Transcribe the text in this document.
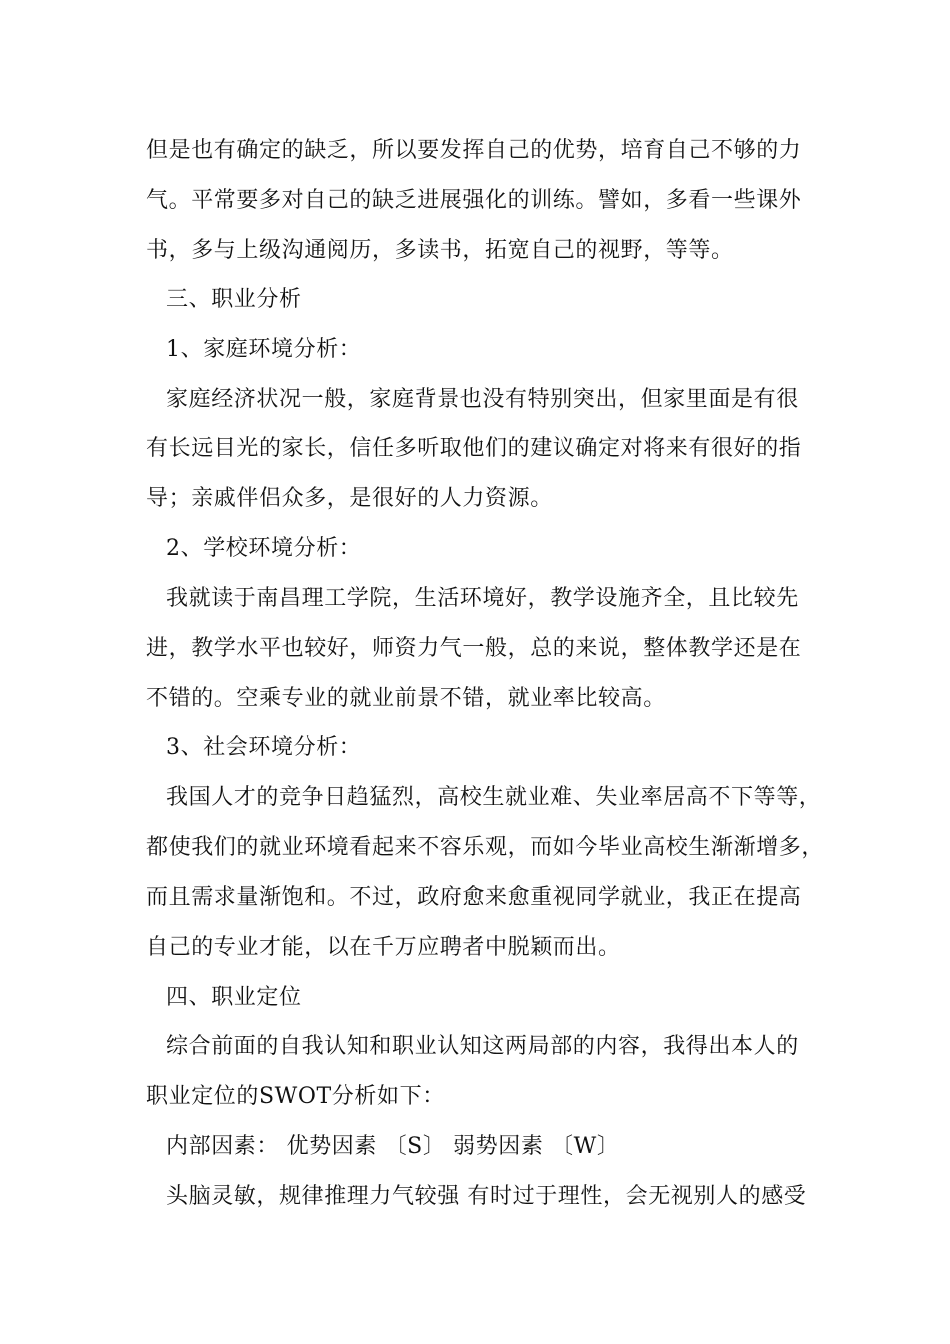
但是也有确定的缺乏，所以要发挥自己的优势，培育自己不够的力
气。平常要多对自己的缺乏进展强化的训练。譬如，多看一些课外
书，多与上级沟通阅历，多读书，拓宽自己的视野，等等。
三、职业分析
1、家庭环境分析：
家庭经济状况一般，家庭背景也没有特别突出，但家里面是有很
有长远目光的家长，信任多听取他们的建议确定对将来有很好的指
导；亲戚伴侣众多，是很好的人力资源。
2、学校环境分析：
我就读于南昌理工学院，生活环境好，教学设施齐全，且比较先
进，教学水平也较好，师资力气一般，总的来说，整体教学还是在
不错的。空乘专业的就业前景不错，就业率比较高。
3、社会环境分析：
我国人才的竞争日趋猛烈，高校生就业难、失业率居高不下等等，
都使我们的就业环境看起来不容乐观，而如今毕业高校生渐渐增多，
而且需求量渐饱和。不过，政府愈来愈重视同学就业，我正在提高
自己的专业才能，以在千万应聘者中脱颖而出。
四、职业定位
综合前面的自我认知和职业认知这两局部的内容，我得出本人的
职业定位的SWOT分析如下：
内部因素： 优势因素 〔S〕 弱势因素 〔W〕
头脑灵敏，规律推理力气较强 有时过于理性，会无视别人的感受
